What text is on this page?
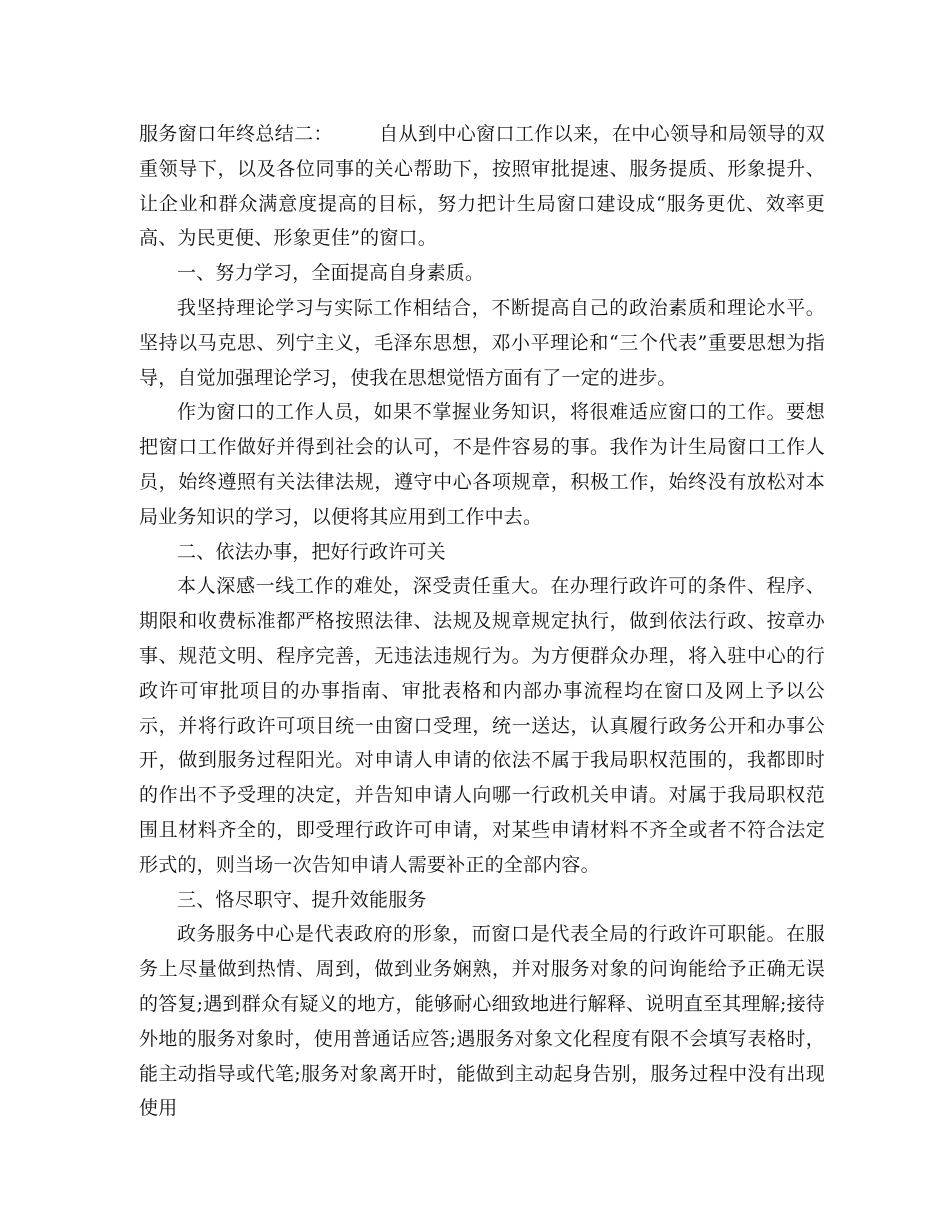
服务窗口年终总结二： 自从到中心窗口工作以来，在中心领导和局领导的双重领导下，以及各位同事的关心帮助下，按照审批提速、服务提质、形象提升、让企业和群众满意度提高的目标，努力把计生局窗口建设成“服务更优、效率更高、为民更便、形象更佳”的窗口。

一、努力学习，全面提高自身素质。

我坚持理论学习与实际工作相结合，不断提高自己的政治素质和理论水平。坚持以马克思、列宁主义，毛泽东思想，邓小平理论和“三个代表”重要思想为指导，自觉加强理论学习，使我在思想觉悟方面有了一定的进步。

作为窗口的工作人员，如果不掌握业务知识，将很难适应窗口的工作。要想把窗口工作做好并得到社会的认可，不是件容易的事。我作为计生局窗口工作人员，始终遵照有关法律法规，遵守中心各项规章，积极工作，始终没有放松对本局业务知识的学习，以便将其应用到工作中去。

二、依法办事，把好行政许可关

本人深感一线工作的难处，深受责任重大。在办理行政许可的条件、程序、期限和收费标准都严格按照法律、法规及规章规定执行，做到依法行政、按章办事、规范文明、程序完善，无违法违规行为。为方便群众办理，将入驻中心的行政许可审批项目的办事指南、审批表格和内部办事流程均在窗口及网上予以公示，并将行政许可项目统一由窗口受理，统一送达，认真履行政务公开和办事公开，做到服务过程阳光。对申请人申请的依法不属于我局职权范围的，我都即时的作出不予受理的决定，并告知申请人向哪一行政机关申请。对属于我局职权范围且材料齐全的，即受理行政许可申请，对某些申请材料不齐全或者不符合法定形式的，则当场一次告知申请人需要补正的全部内容。

三、恪尽职守、提升效能服务

政务服务中心是代表政府的形象，而窗口是代表全局的行政许可职能。在服务上尽量做到热情、周到，做到业务娴熟，并对服务对象的问询能给予正确无误的答复;遇到群众有疑义的地方，能够耐心细致地进行解释、说明直至其理解;接待外地的服务对象时，使用普通话应答;遇服务对象文化程度有限不会填写表格时，能主动指导或代笔;服务对象离开时，能做到主动起身告别，服务过程中没有出现使用
